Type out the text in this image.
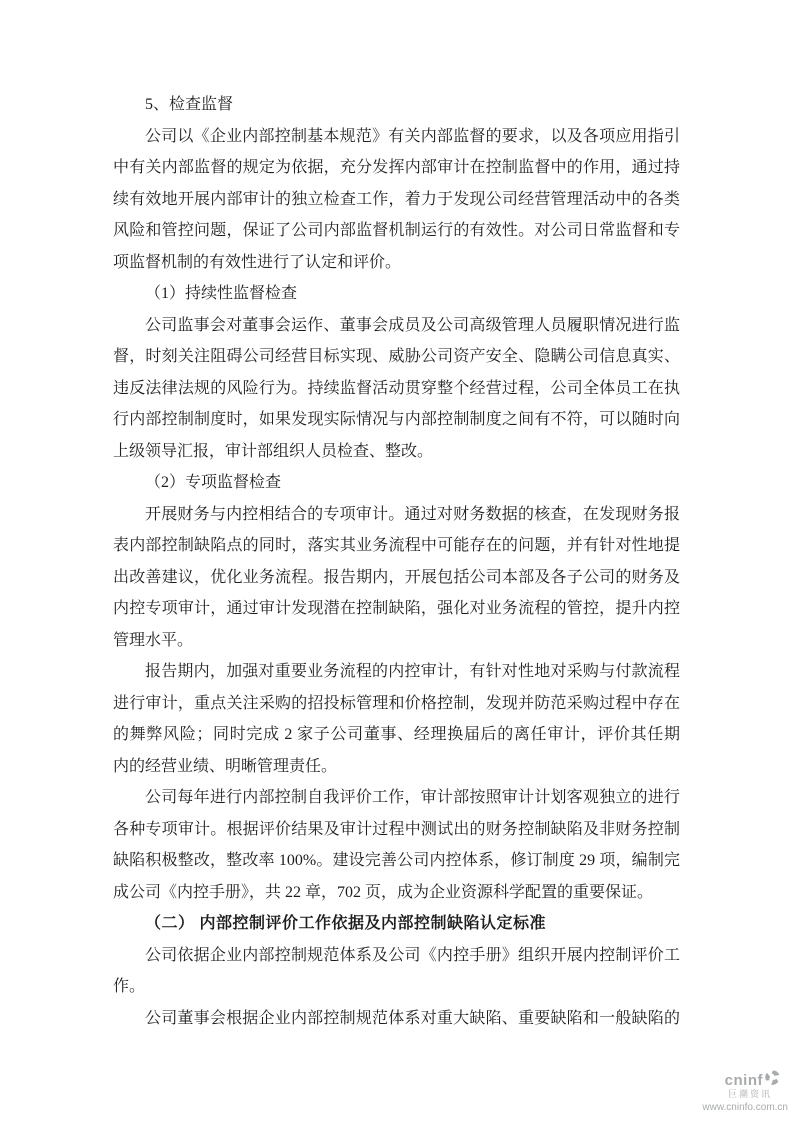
5、检查监督
公司以《企业内部控制基本规范》有关内部监督的要求，以及各项应用指引
中有关内部监督的规定为依据，充分发挥内部审计在控制监督中的作用，通过持
续有效地开展内部审计的独立检查工作，着力于发现公司经营管理活动中的各类
风险和管控问题，保证了公司内部监督机制运行的有效性。对公司日常监督和专
项监督机制的有效性进行了认定和评价。
（1）持续性监督检查
公司监事会对董事会运作、董事会成员及公司高级管理人员履职情况进行监
督，时刻关注阻碍公司经营目标实现、威胁公司资产安全、隐瞒公司信息真实、
违反法律法规的风险行为。持续监督活动贯穿整个经营过程，公司全体员工在执
行内部控制制度时，如果发现实际情况与内部控制制度之间有不符，可以随时向
上级领导汇报，审计部组织人员检查、整改。
（2）专项监督检查
开展财务与内控相结合的专项审计。通过对财务数据的核查，在发现财务报
表内部控制缺陷点的同时，落实其业务流程中可能存在的问题，并有针对性地提
出改善建议，优化业务流程。报告期内，开展包括公司本部及各子公司的财务及
内控专项审计，通过审计发现潜在控制缺陷，强化对业务流程的管控，提升内控
管理水平。
报告期内，加强对重要业务流程的内控审计，有针对性地对采购与付款流程
进行审计，重点关注采购的招投标管理和价格控制，发现并防范采购过程中存在
的舞弊风险；同时完成 2 家子公司董事、经理换届后的离任审计，评价其任期
内的经营业绩、明晰管理责任。
公司每年进行内部控制自我评价工作，审计部按照审计计划客观独立的进行
各种专项审计。根据评价结果及审计过程中测试出的财务控制缺陷及非财务控制
缺陷积极整改，整改率 100%。建设完善公司内控体系，修订制度 29 项，编制完
成公司《内控手册》，共 22 章，702 页，成为企业资源科学配置的重要保证。
（二） 内部控制评价工作依据及内部控制缺陷认定标准
公司依据企业内部控制规范体系及公司《内控手册》组织开展内控制评价工
作。
公司董事会根据企业内部控制规范体系对重大缺陷、重要缺陷和一般缺陷的
cninf
巨潮资讯
www.cninfo.com.cn
